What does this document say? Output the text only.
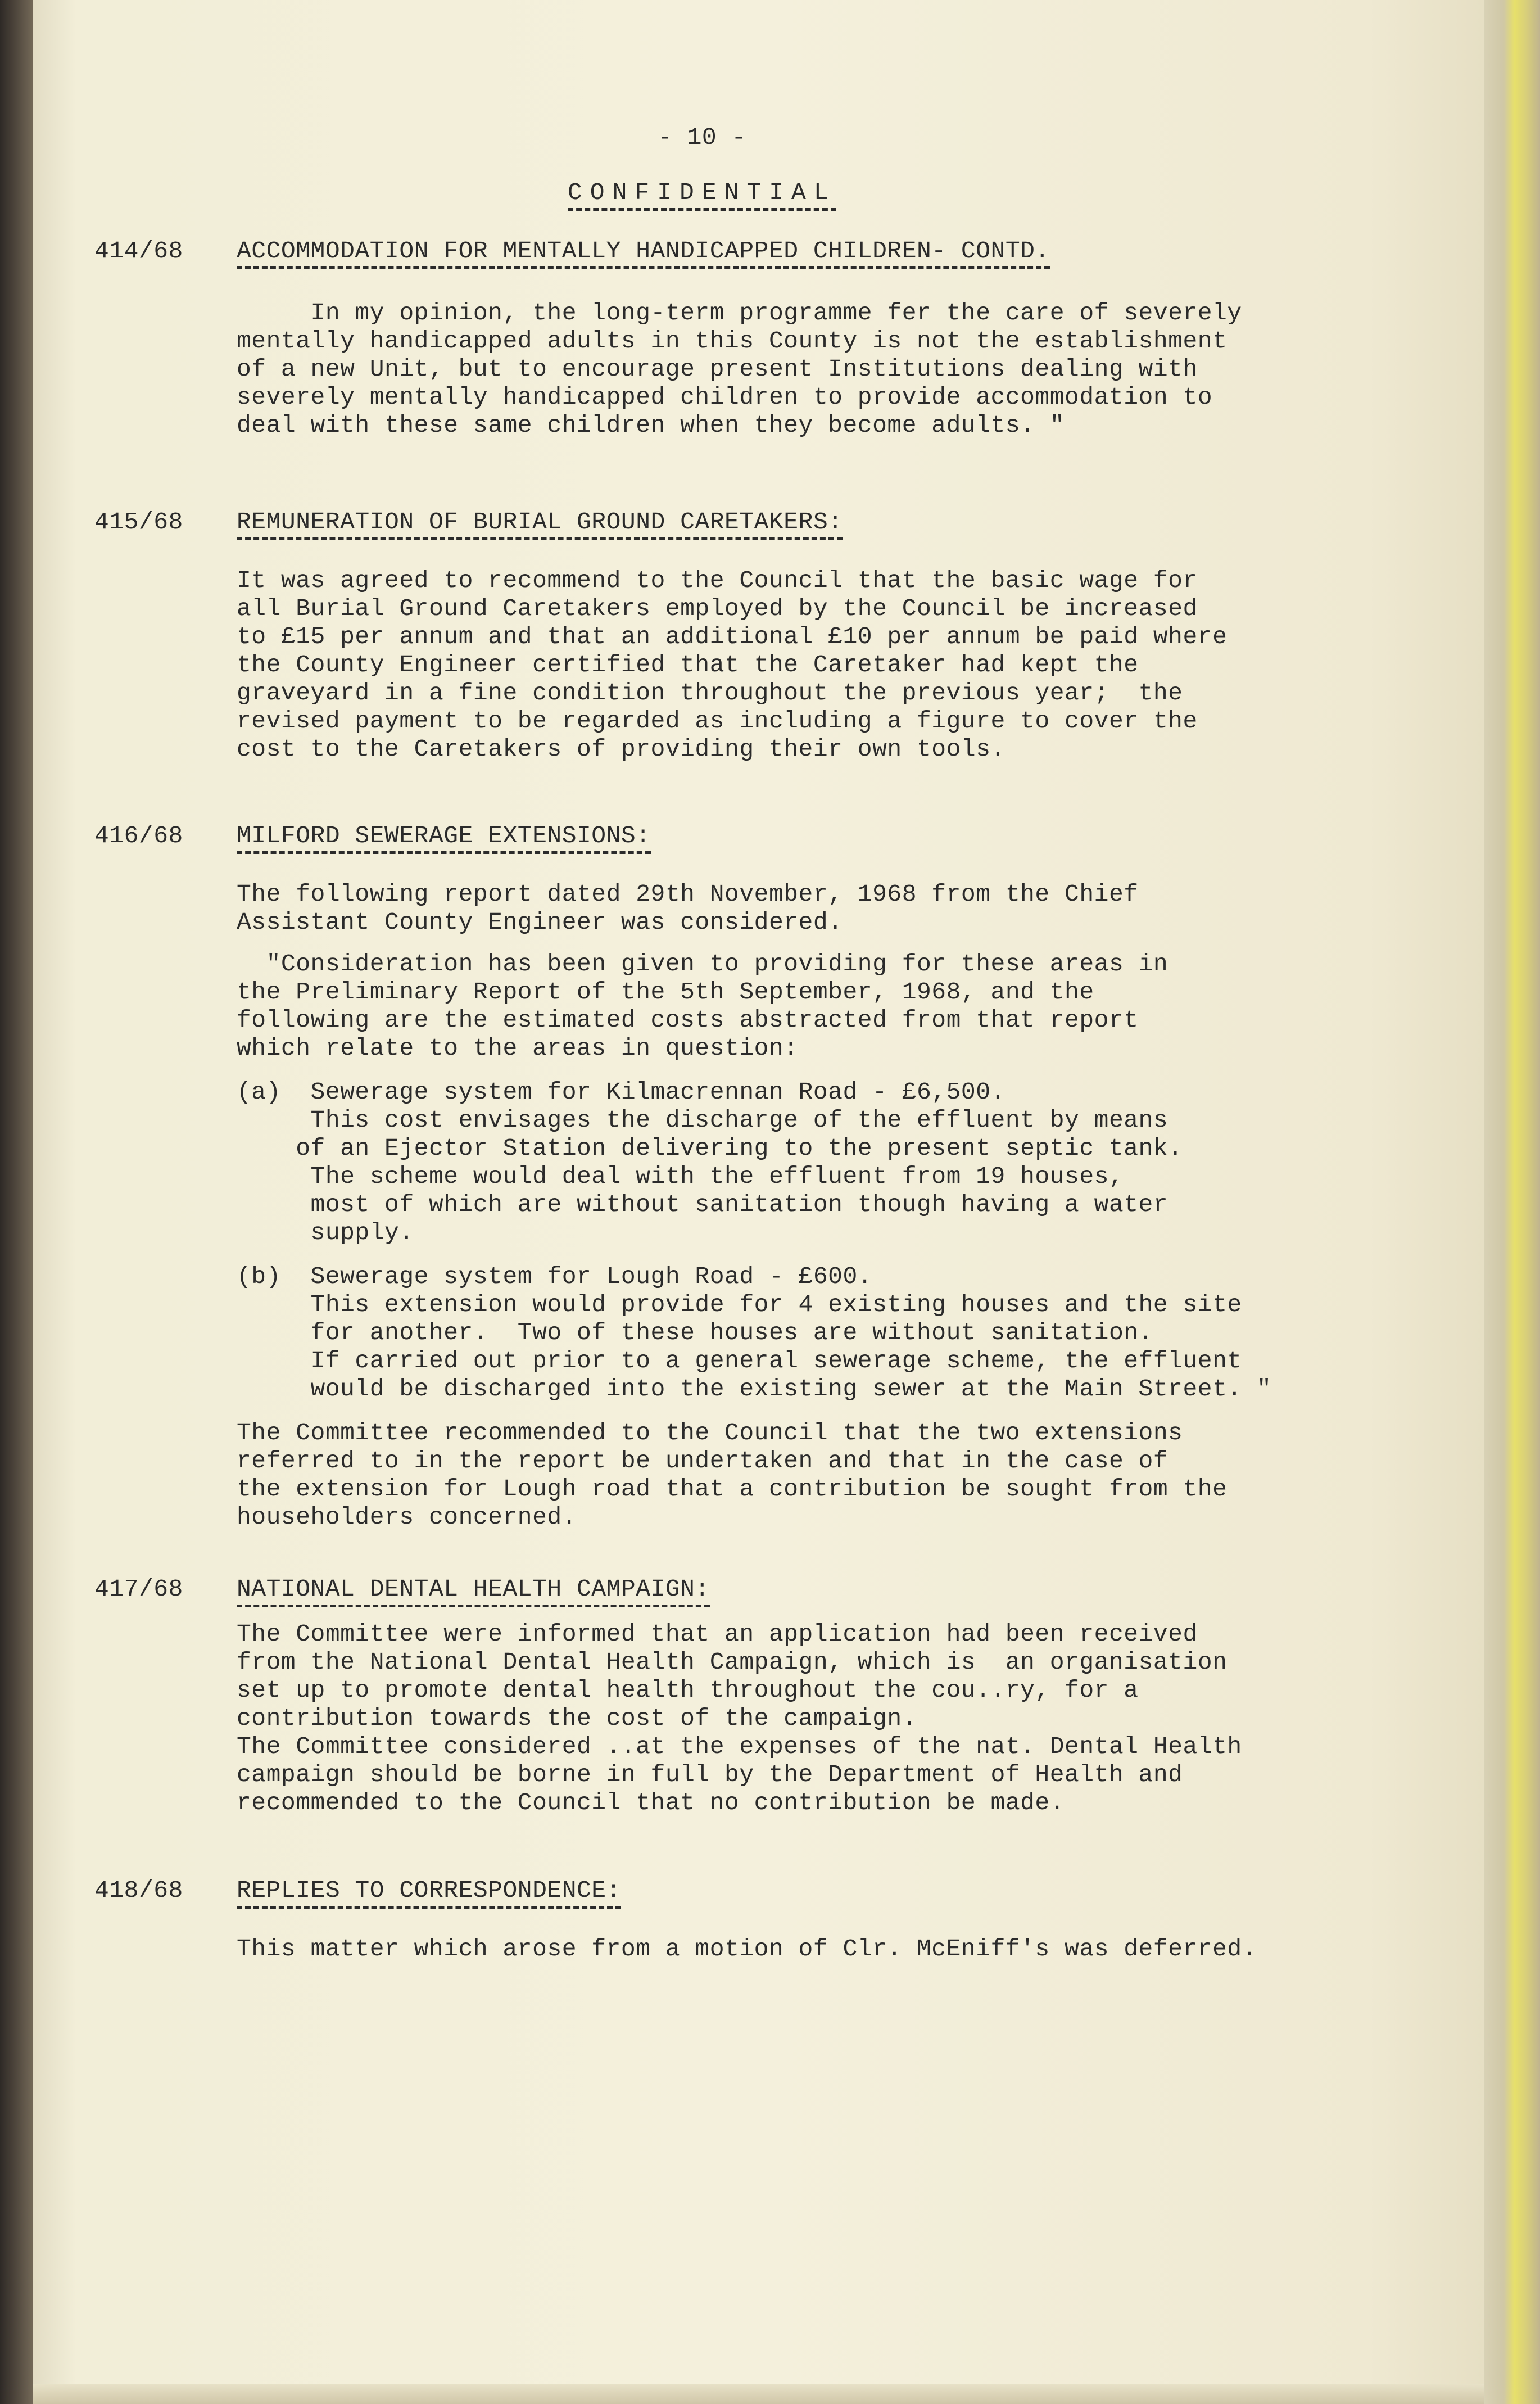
- 10 -
CONFIDENTIAL
414/68 ACCOMMODATION FOR MENTALLY HANDICAPPED CHILDREN- CONTD.
In my opinion, the long-term programme fer the care of severely
mentally handicapped adults in this County is not the establishment
of a new Unit, but to encourage present Institutions dealing with
severely mentally handicapped children to provide accommodation to
deal with these same children when they become adults. "
415/68 REMUNERATION OF BURIAL GROUND CARETAKERS:
It was agreed to recommend to the Council that the basic wage for
all Burial Ground Caretakers employed by the Council be increased
to £15 per annum and that an additional £10 per annum be paid where
the County Engineer certified that the Caretaker had kept the
graveyard in a fine condition throughout the previous year;  the
revised payment to be regarded as including a figure to cover the
cost to the Caretakers of providing their own tools.
416/68 MILFORD SEWERAGE EXTENSIONS:
The following report dated 29th November, 1968 from the Chief
Assistant County Engineer was considered.
"Consideration has been given to providing for these areas in
the Preliminary Report of the 5th September, 1968, and the
following are the estimated costs abstracted from that report
which relate to the areas in question:
(a)  Sewerage system for Kilmacrennan Road - £6,500.
This cost envisages the discharge of the effluent by means
of an Ejector Station delivering to the present septic tank.
The scheme would deal with the effluent from 19 houses,
most of which are without sanitation though having a water
supply.
(b)  Sewerage system for Lough Road - £600.
This extension would provide for 4 existing houses and the site
for another.  Two of these houses are without sanitation.
If carried out prior to a general sewerage scheme, the effluent
would be discharged into the existing sewer at the Main Street. "
The Committee recommended to the Council that the two extensions
referred to in the report be undertaken and that in the case of
the extension for Lough road that a contribution be sought from the
householders concerned.
417/68 NATIONAL DENTAL HEALTH CAMPAIGN:
The Committee were informed that an application had been received
from the National Dental Health Campaign, which is  an organisation
set up to promote dental health throughout the cou..ry, for a
contribution towards the cost of the campaign.
The Committee considered ..at the expenses of the nat. Dental Health
campaign should be borne in full by the Department of Health and
recommended to the Council that no contribution be made.
418/68 REPLIES TO CORRESPONDENCE:
This matter which arose from a motion of Clr. McEniff's was deferred.
